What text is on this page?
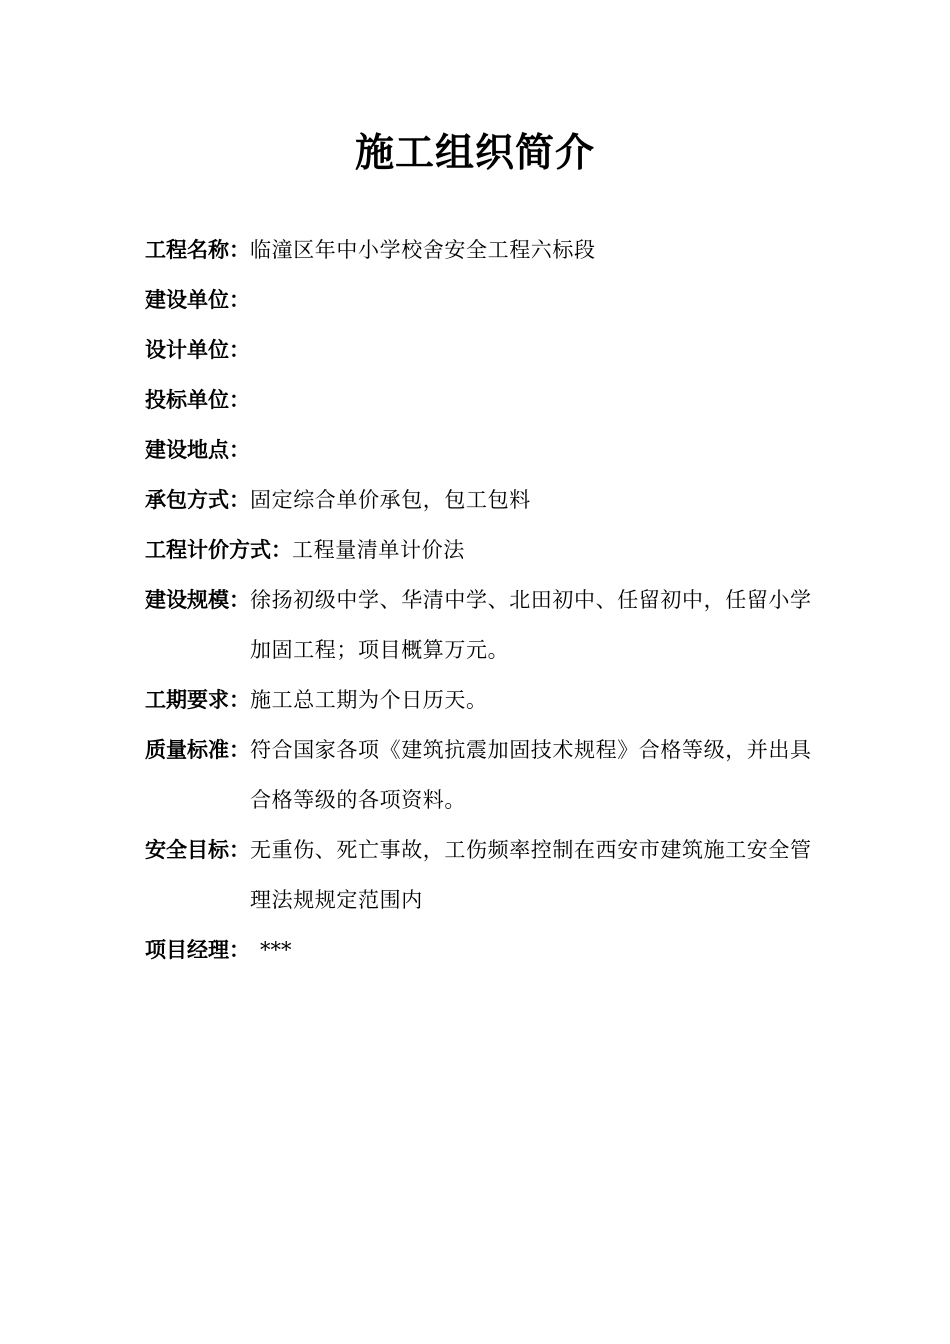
施工组织简介
工程名称： 临潼区年中小学校舍安全工程六标段
建设单位：
设计单位：
投标单位：
建设地点：
承包方式： 固定综合单价承包，包工包料
工程计价方式： 工程量清单计价法
建设规模： 徐扬初级中学、华清中学、北田初中、任留初中，任留小学加固工程；项目概算万元。
工期要求： 施工总工期为个日历天。
质量标准： 符合国家各项《建筑抗震加固技术规程》合格等级，并出具合格等级的各项资料。
安全目标： 无重伤、死亡事故，工伤频率控制在西安市建筑施工安全管理法规规定范围内
项目经理： ***
